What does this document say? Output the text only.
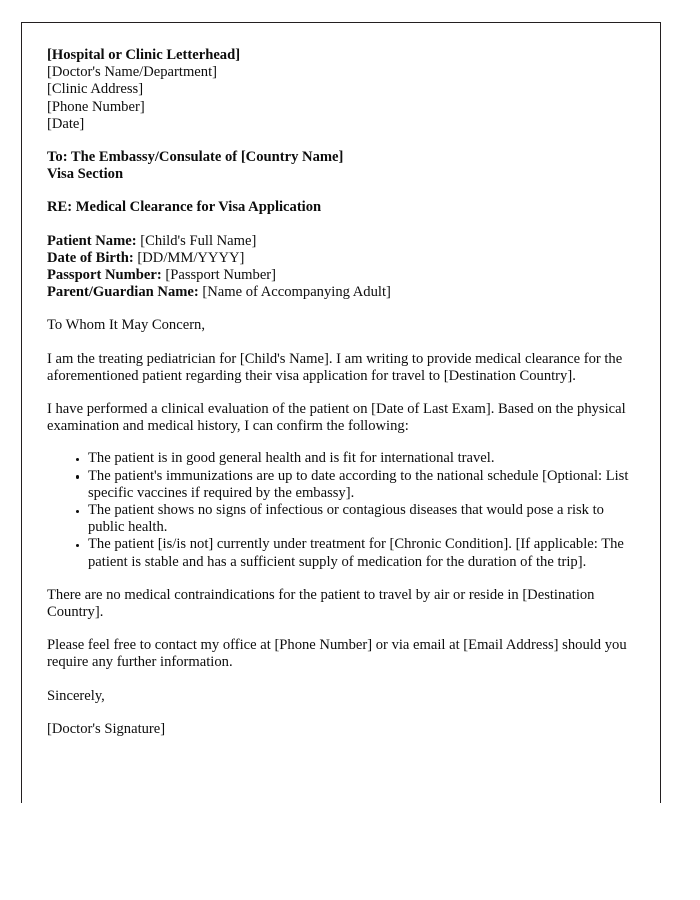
[Hospital or Clinic Letterhead]
[Doctor's Name/Department]
[Clinic Address]
[Phone Number]
[Date]
To: The Embassy/Consulate of [Country Name]
Visa Section
RE: Medical Clearance for Visa Application
Patient Name: [Child's Full Name]
Date of Birth: [DD/MM/YYYY]
Passport Number: [Passport Number]
Parent/Guardian Name: [Name of Accompanying Adult]
To Whom It May Concern,

I am the treating pediatrician for [Child's Name]. I am writing to provide medical clearance for the aforementioned patient regarding their visa application for travel to [Destination Country].

I have performed a clinical evaluation of the patient on [Date of Last Exam]. Based on the physical examination and medical history, I can confirm the following:

The patient is in good general health and is fit for international travel.
The patient's immunizations are up to date according to the national schedule [Optional: List specific vaccines if required by the embassy].
The patient shows no signs of infectious or contagious diseases that would pose a risk to public health.
The patient [is/is not] currently under treatment for [Chronic Condition]. [If applicable: The patient is stable and has a sufficient supply of medication for the duration of the trip].

There are no medical contraindications for the patient to travel by air or reside in [Destination Country].

Please feel free to contact my office at [Phone Number] or via email at [Email Address] should you require any further information.

Sincerely,
[Doctor's Signature]
